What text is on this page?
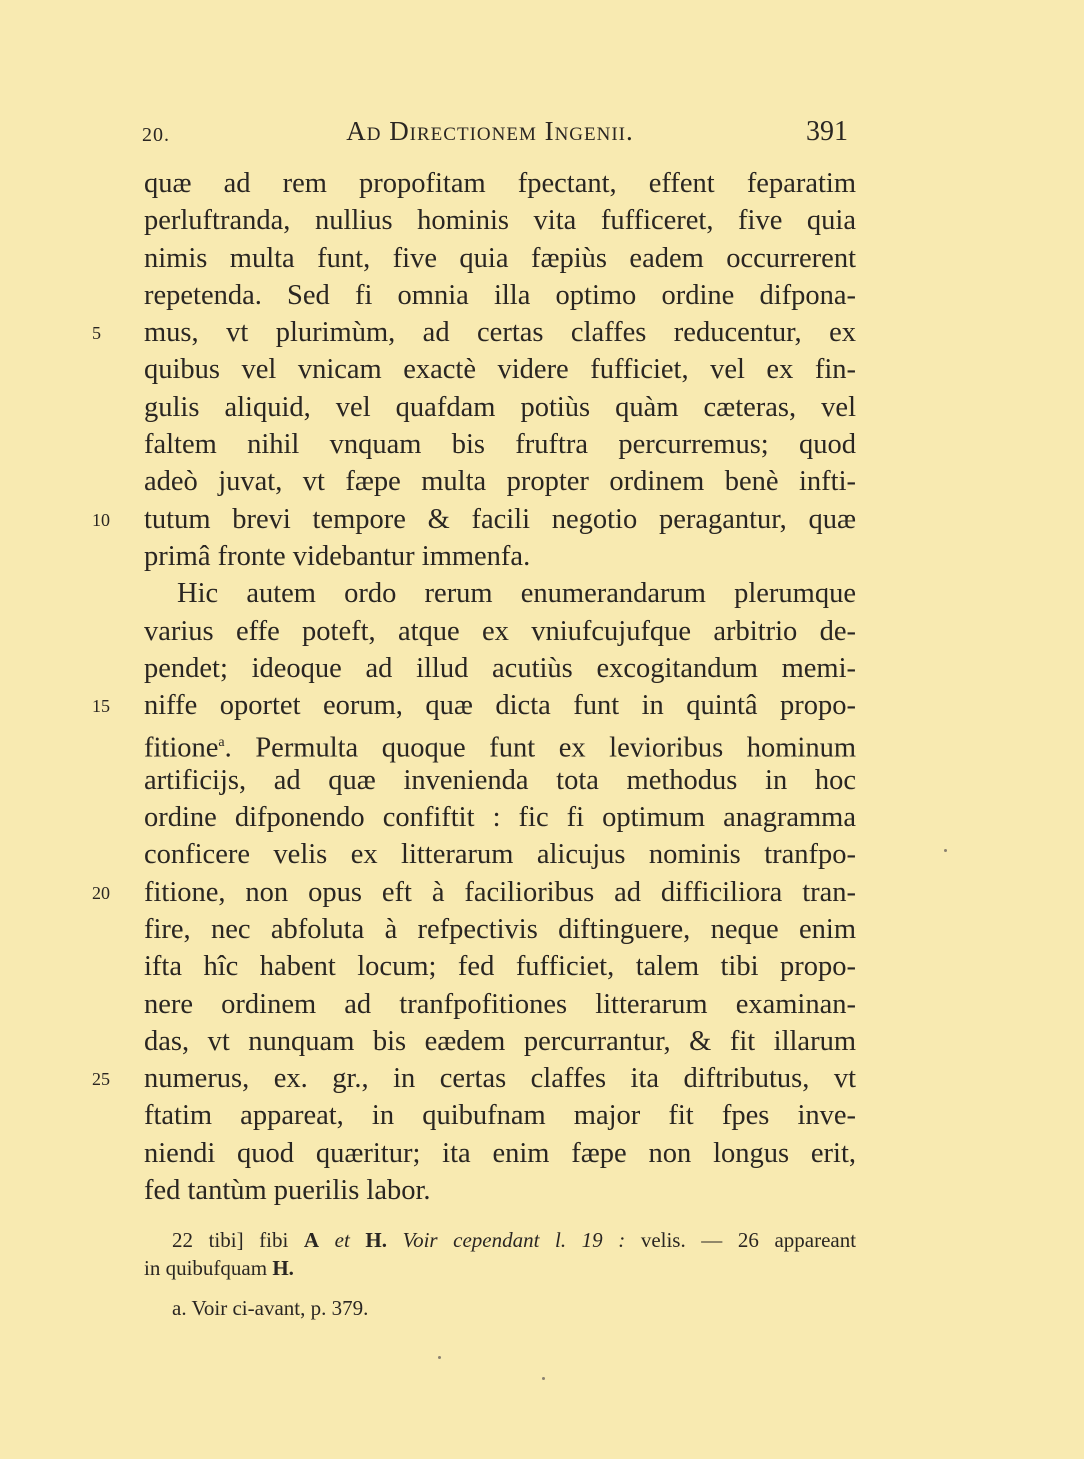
20.	Ad Directionem Ingenii.	391
quæ ad rem propofitam fpectant, effent feparatim
perluftranda, nullius hominis vita fufficeret, five quia
nimis multa funt, five quia fæpiùs eadem occurrerent
repetenda. Sed fi omnia illa optimo ordine difpona-
5	mus, vt plurimùm, ad certas claffes reducentur, ex
quibus vel vnicam exactè videre fufficiet, vel ex fin-
gulis aliquid, vel quafdam potiùs quàm cæteras, vel
faltem nihil vnquam bis fruftra percurremus; quod
adeò juvat, vt fæpe multa propter ordinem benè infti-
10	tutum brevi tempore & facili negotio peragantur, quæ
primâ fronte videbantur immenfa.
Hic autem ordo rerum enumerandarum plerumque
varius effe poteft, atque ex vniufcujufque arbitrio de-
pendet; ideoque ad illud acutiùs excogitandum memi-
15	niffe oportet eorum, quæ dicta funt in quintâ propo-
fitione$^a$. Permulta quoque funt ex levioribus hominum
artificijs, ad quæ invenienda tota methodus in hoc
ordine difponendo confiftit : fic fi optimum anagramma
conficere velis ex litterarum alicujus nominis tranfpo-
20	fitione, non opus eft à facilioribus ad difficiliora tran-
fire, nec abfoluta à refpectivis diftinguere, neque enim
ifta hîc habent locum; fed fufficiet, talem tibi propo-
nere ordinem ad tranfpofitiones litterarum examinan-
das, vt nunquam bis eædem percurrantur, & fit illarum
25	numerus, ex. gr., in certas claffes ita diftributus, vt
ftatim appareat, in quibufnam major fit fpes inve-
niendi quod quæritur; ita enim fæpe non longus erit,
fed tantùm puerilis labor.
22 tibi] fibi A et H. Voir cependant l. 19 : velis. — 26 appareant
in quibufquam H.
a. Voir ci-avant, p. 379.
